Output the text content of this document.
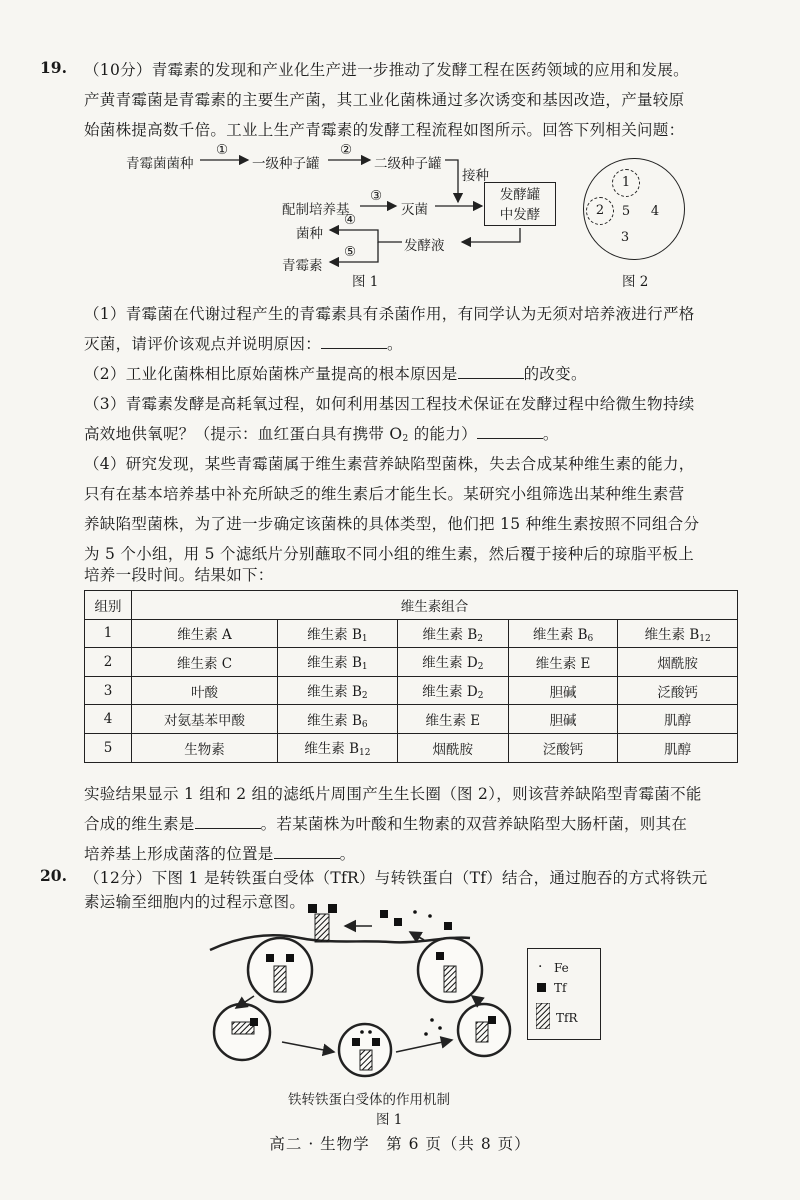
19. （10分）青霉素的发现和产业化生产进一步推动了发酵工程在医药领域的应用和发展。
产黄青霉菌是青霉素的主要生产菌，其工业化菌株通过多次诱变和基因改造，产量较原
始菌株提高数千倍。工业上生产青霉素的发酵工程流程如图所示。回答下列相关问题：
青霉菌菌种
①
一级种子罐
②
二级种子罐
接种
配制培养基
③
灭菌
发酵罐
中发酵
菌种
④
发酵液
⑤
青霉素
图 1
1
2	5	4
3
图 2
（1）青霉菌在代谢过程产生的青霉素具有杀菌作用，有同学认为无须对培养液进行严格
灭菌，请评价该观点并说明原因：	。
（2）工业化菌株相比原始菌株产量提高的根本原因是	的改变。
（3）青霉素发酵是高耗氧过程，如何利用基因工程技术保证在发酵过程中给微生物持续
高效地供氧呢？（提示：血红蛋白具有携带 $O_2$ 的能力）	。
（4）研究发现，某些青霉菌属于维生素营养缺陷型菌株，失去合成某种维生素的能力，
只有在基本培养基中补充所缺乏的维生素后才能生长。某研究小组筛选出某种维生素营
养缺陷型菌株，为了进一步确定该菌株的具体类型，他们把 15 种维生素按照不同组合分
为 5 个小组，用 5 个滤纸片分别蘸取不同小组的维生素，然后覆于接种后的琼脂平板上
培养一段时间。结果如下：
组别	维生素组合				
1	维生素 A	维生素 $B_1$	维生素 $B_2$	维生素 $B_6$	维生素 $B_{12}$
2	维生素 C	维生素 $B_1$	维生素 $D_2$	维生素 E	烟酰胺
3	叶酸	维生素 $B_2$	维生素 $D_2$	胆碱	泛酸钙
4	对氨基苯甲酸	维生素 $B_6$	维生素 E	胆碱	肌醇
5	生物素	维生素 $B_{12}$	烟酰胺	泛酸钙	肌醇
实验结果显示 1 组和 2 组的滤纸片周围产生生长圈（图 2），则该营养缺陷型青霉菌不能
合成的维生素是	。若某菌株为叶酸和生物素的双营养缺陷型大肠杆菌，则其在
培养基上形成菌落的位置是	。
20. （12分）下图 1 是转铁蛋白受体（TfR）与转铁蛋白（Tf）结合，通过胞吞的方式将铁元
素运输至细胞内的过程示意图。
· Fe
Tf
TfR
铁转铁蛋白受体的作用机制
图 1
高二 · 生物学　第 6 页（共 8 页）
